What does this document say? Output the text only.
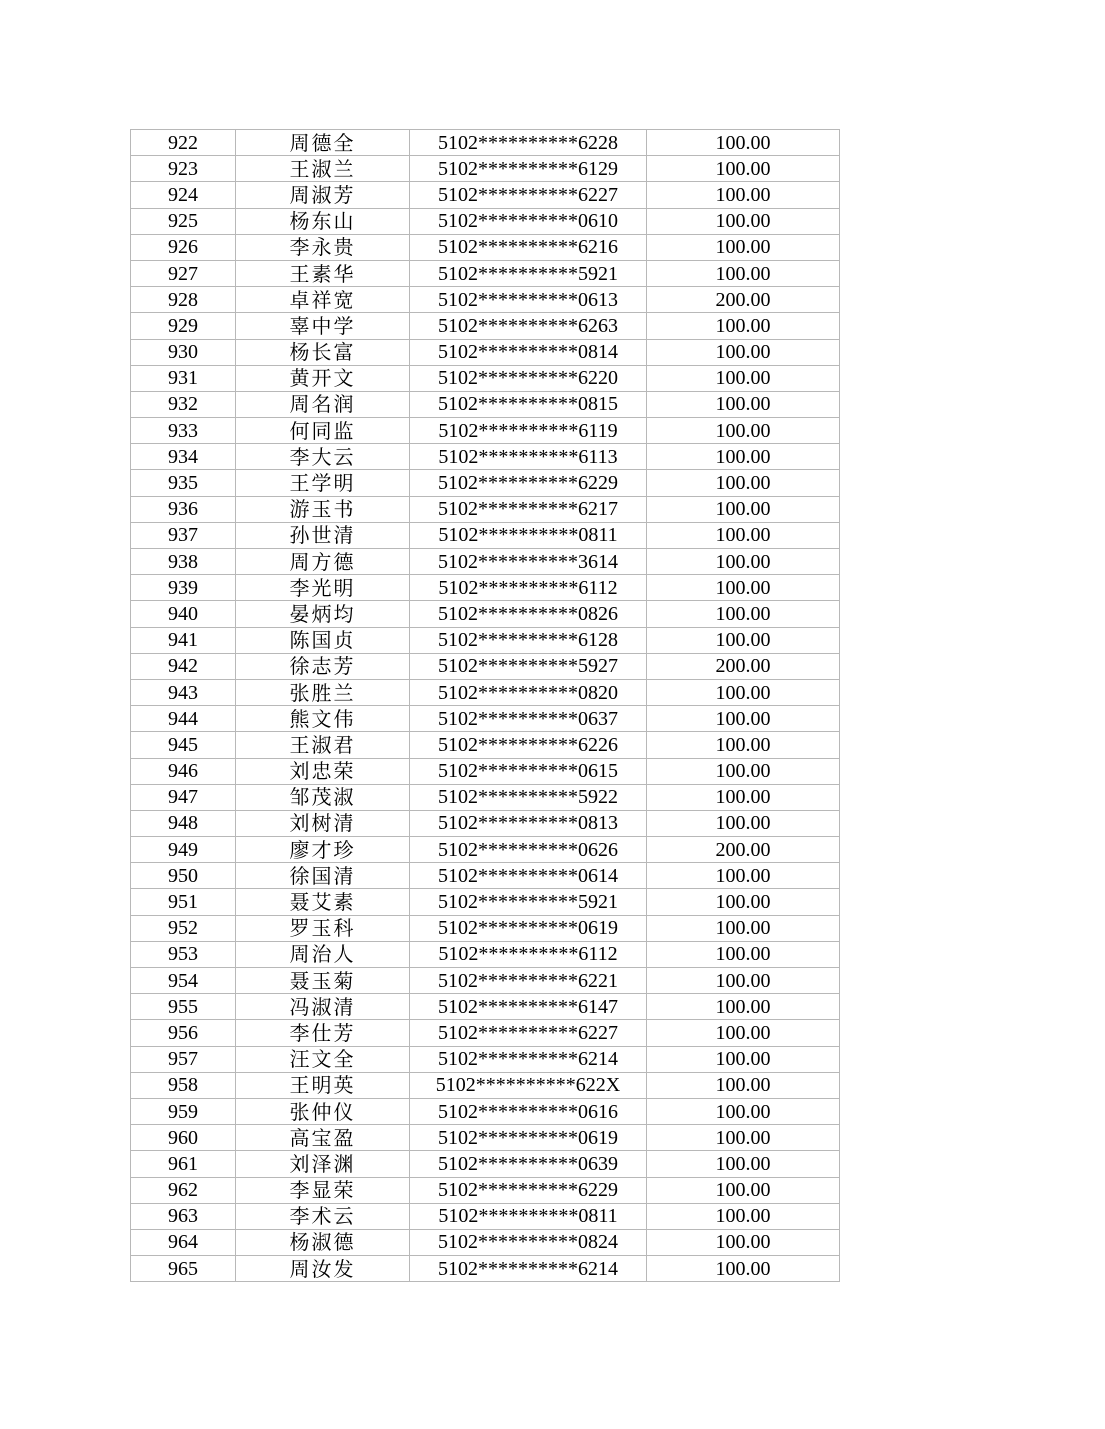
922	周德全	5102**********6228	100.00
923	王淑兰	5102**********6129	100.00
924	周淑芳	5102**********6227	100.00
925	杨东山	5102**********0610	100.00
926	李永贵	5102**********6216	100.00
927	王素华	5102**********5921	100.00
928	卓祥宽	5102**********0613	200.00
929	辜中学	5102**********6263	100.00
930	杨长富	5102**********0814	100.00
931	黄开文	5102**********6220	100.00
932	周名润	5102**********0815	100.00
933	何同监	5102**********6119	100.00
934	李大云	5102**********6113	100.00
935	王学明	5102**********6229	100.00
936	游玉书	5102**********6217	100.00
937	孙世清	5102**********0811	100.00
938	周方德	5102**********3614	100.00
939	李光明	5102**********6112	100.00
940	晏炳均	5102**********0826	100.00
941	陈国贞	5102**********6128	100.00
942	徐志芳	5102**********5927	200.00
943	张胜兰	5102**********0820	100.00
944	熊文伟	5102**********0637	100.00
945	王淑君	5102**********6226	100.00
946	刘忠荣	5102**********0615	100.00
947	邹茂淑	5102**********5922	100.00
948	刘树清	5102**********0813	100.00
949	廖才珍	5102**********0626	200.00
950	徐国清	5102**********0614	100.00
951	聂艾素	5102**********5921	100.00
952	罗玉科	5102**********0619	100.00
953	周治人	5102**********6112	100.00
954	聂玉菊	5102**********6221	100.00
955	冯淑清	5102**********6147	100.00
956	李仕芳	5102**********6227	100.00
957	汪文全	5102**********6214	100.00
958	王明英	5102**********622X	100.00
959	张仲仪	5102**********0616	100.00
960	高宝盈	5102**********0619	100.00
961	刘泽渊	5102**********0639	100.00
962	李显荣	5102**********6229	100.00
963	李术云	5102**********0811	100.00
964	杨淑德	5102**********0824	100.00
965	周汝发	5102**********6214	100.00
